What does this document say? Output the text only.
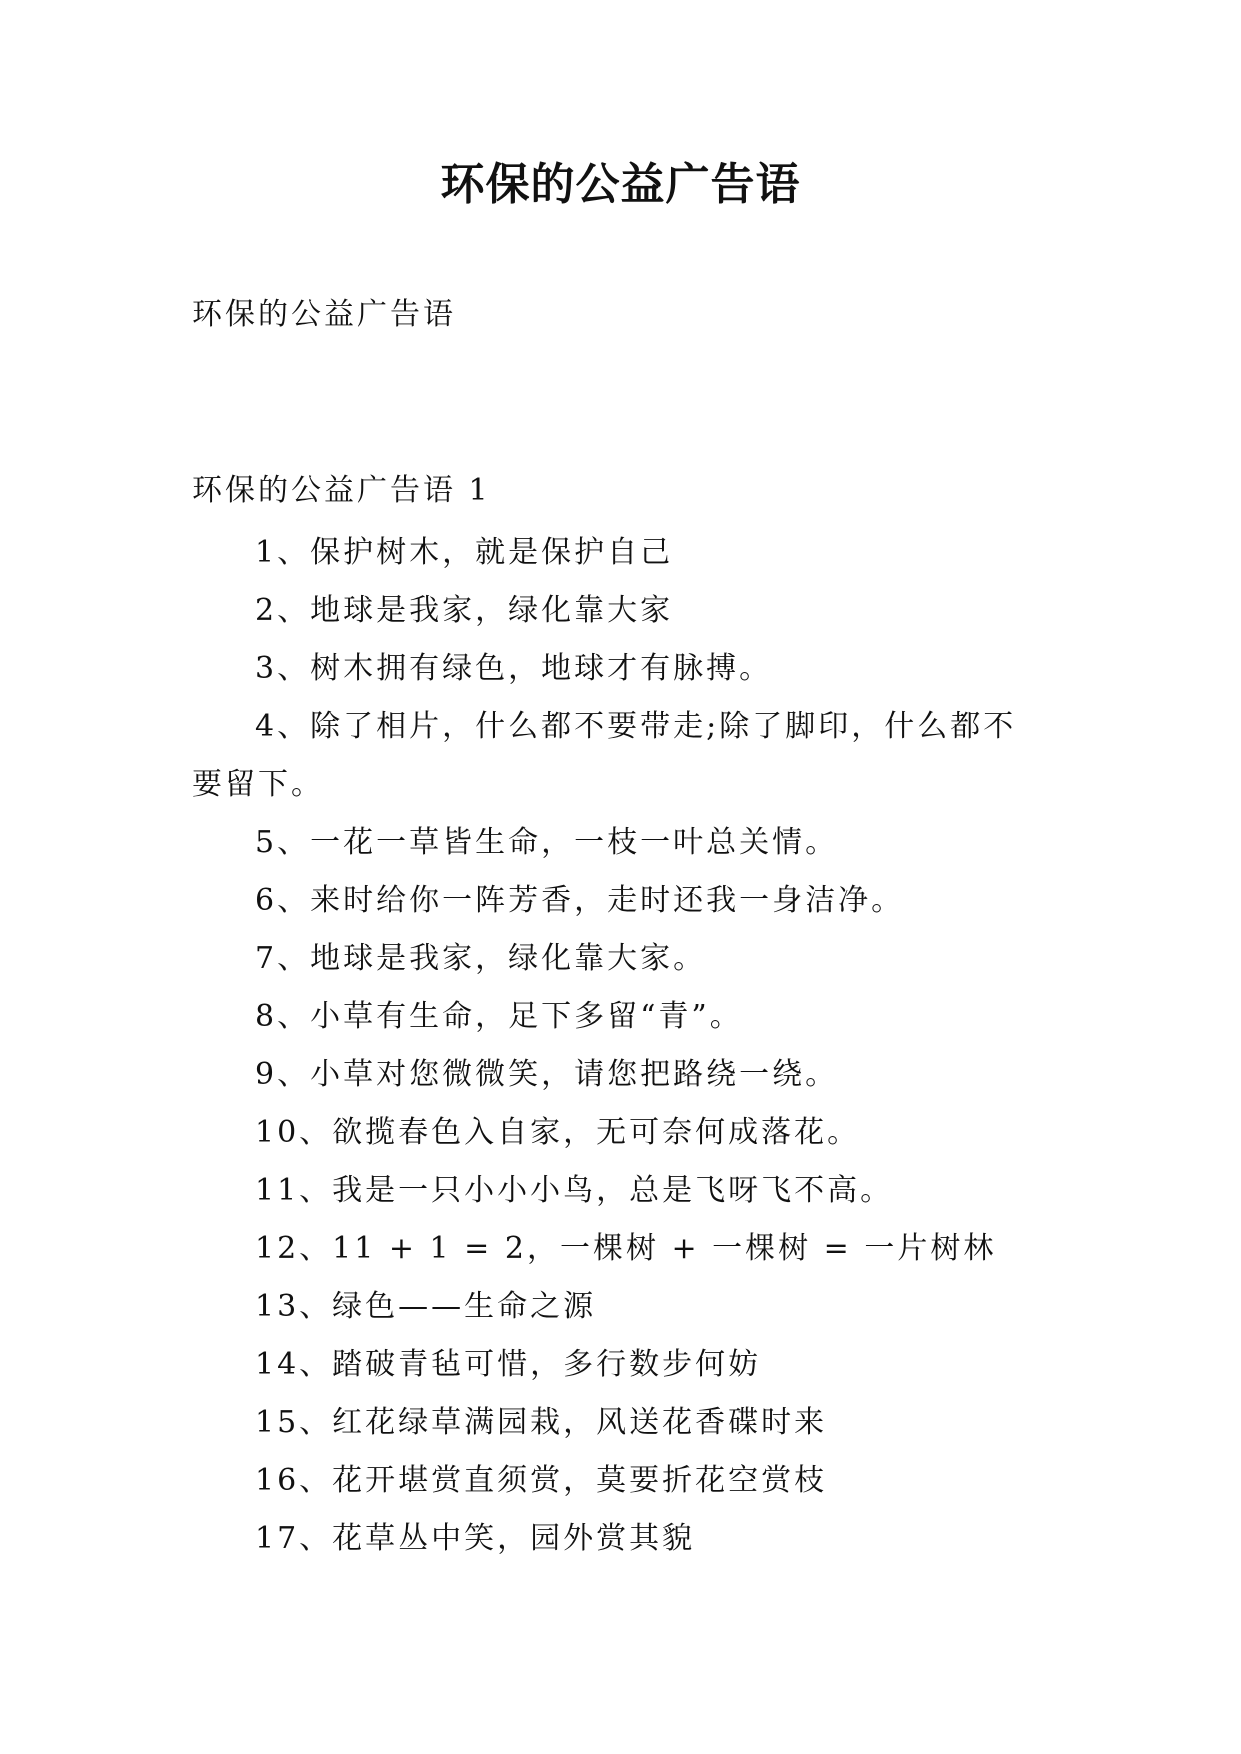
环保的公益广告语

环保的公益广告语

环保的公益广告语 1

1、保护树木，就是保护自己
2、地球是我家，绿化靠大家
3、树木拥有绿色，地球才有脉搏。
4、除了相片，什么都不要带走;除了脚印，什么都不要留下。
5、一花一草皆生命，一枝一叶总关情。
6、来时给你一阵芳香，走时还我一身洁净。
7、地球是我家，绿化靠大家。
8、小草有生命，足下多留“青”。
9、小草对您微微笑，请您把路绕一绕。
10、欲揽春色入自家，无可奈何成落花。
11、我是一只小小小鸟，总是飞呀飞不高。
12、11 + 1 = 2，一棵树 + 一棵树 = 一片树林
13、绿色——生命之源
14、踏破青毡可惜，多行数步何妨
15、红花绿草满园栽，风送花香碟时来
16、花开堪赏直须赏，莫要折花空赏枝
17、花草丛中笑，园外赏其貌
